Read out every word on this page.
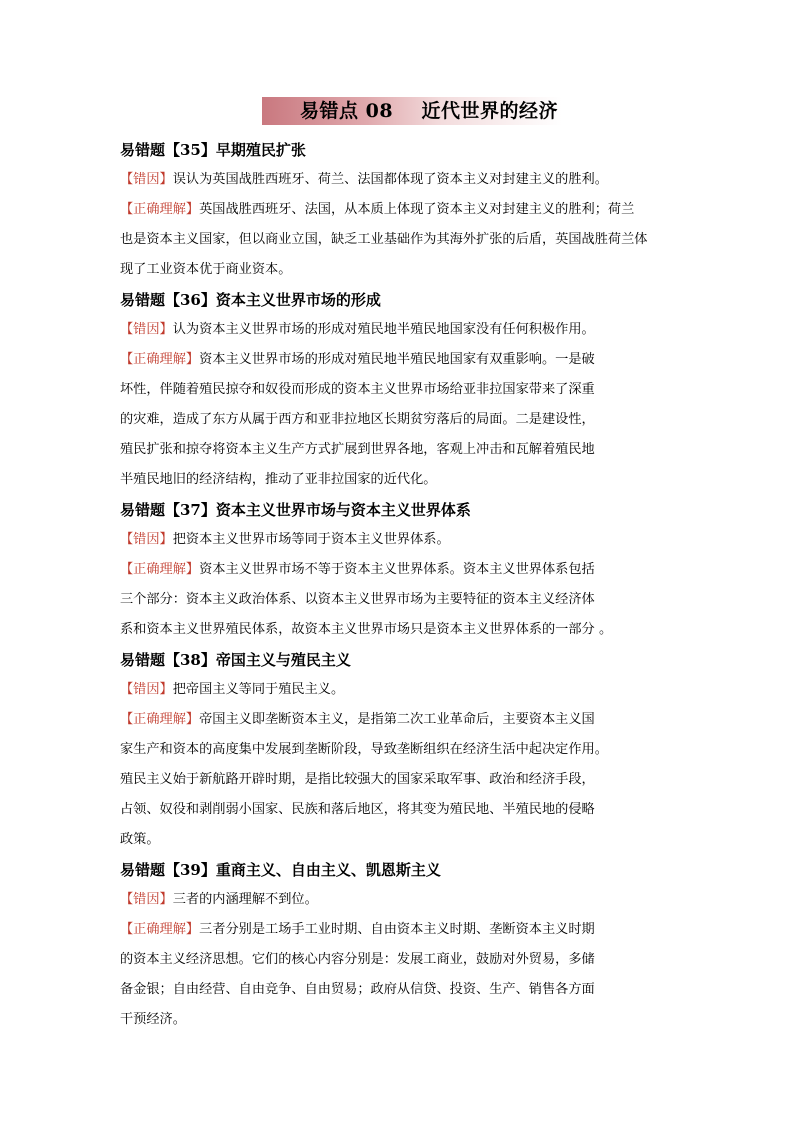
易错点 08    近代世界的经济
易错题【35】早期殖民扩张
【错因】误认为英国战胜西班牙、荷兰、法国都体现了资本主义对封建主义的胜利。
【正确理解】英国战胜西班牙、法国，从本质上体现了资本主义对封建主义的胜利；荷兰
也是资本主义国家，但以商业立国，缺乏工业基础作为其海外扩张的后盾，英国战胜荷兰体
现了工业资本优于商业资本。
易错题【36】资本主义世界市场的形成
【错因】认为资本主义世界市场的形成对殖民地半殖民地国家没有任何积极作用。
【正确理解】资本主义世界市场的形成对殖民地半殖民地国家有双重影响。一是破
坏性，伴随着殖民掠夺和奴役而形成的资本主义世界市场给亚非拉国家带来了深重
的灾难，造成了东方从属于西方和亚非拉地区长期贫穷落后的局面。二是建设性，
殖民扩张和掠夺将资本主义生产方式扩展到世界各地，客观上冲击和瓦解着殖民地
半殖民地旧的经济结构，推动了亚非拉国家的近代化。
易错题【37】资本主义世界市场与资本主义世界体系
【错因】把资本主义世界市场等同于资本主义世界体系。
【正确理解】资本主义世界市场不等于资本主义世界体系。资本主义世界体系包括
三个部分：资本主义政治体系、以资本主义世界市场为主要特征的资本主义经济体
系和资本主义世界殖民体系，故资本主义世界市场只是资本主义世界体系的一部分 。
易错题【38】帝国主义与殖民主义
【错因】把帝国主义等同于殖民主义。
【正确理解】帝国主义即垄断资本主义，是指第二次工业革命后，主要资本主义国
家生产和资本的高度集中发展到垄断阶段，导致垄断组织在经济生活中起决定作用。
殖民主义始于新航路开辟时期，是指比较强大的国家采取军事、政治和经济手段，
占领、奴役和剥削弱小国家、民族和落后地区，将其变为殖民地、半殖民地的侵略
政策。
易错题【39】重商主义、自由主义、凯恩斯主义
【错因】三者的内涵理解不到位。
【正确理解】三者分别是工场手工业时期、自由资本主义时期、垄断资本主义时期
的资本主义经济思想。它们的核心内容分别是：发展工商业，鼓励对外贸易，多储
备金银；自由经营、自由竞争、自由贸易；政府从信贷、投资、生产、销售各方面
干预经济。
